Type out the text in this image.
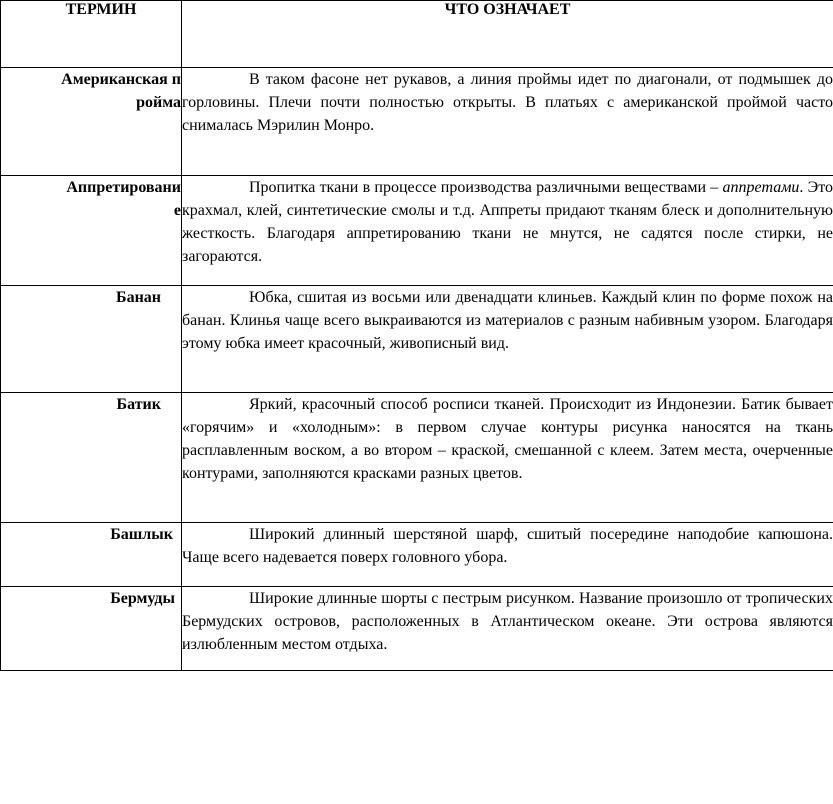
ТЕРМИН	ЧТО ОЗНАЧАЕТ
Американская пройма	В таком фасоне нет рукавов, а линия проймы идет по диагонали, от подмышек до горловины. Плечи почти полностью открыты. В платьях с американской проймой часто снималась Мэрилин Монро.

Аппретирование	Пропитка ткани в процессе производства различными веществами – аппретами. Это крахмал, клей, синтетические смолы и т.д. Аппреты придают тканям блеск и дополнительную жесткость. Благодаря аппретированию ткани не мнутся, не садятся после стирки, не загораются.

Банан	Юбка, сшитая из восьми или двенадцати клиньев. Каждый клин по форме похож на банан. Клинья чаще всего выкраиваются из материалов с разным набивным узором. Благодаря этому юбка имеет красочный, живописный вид.

Батик	Яркий, красочный способ росписи тканей. Происходит из Индонезии. Батик бывает «горячим» и «холодным»: в первом случае контуры рисунка наносятся на ткань расплавленным воском, а во втором – краской, смешанной с клеем. Затем места, очерченные контурами, заполняются красками разных цветов.

Башлык	Широкий длинный шерстяной шарф, сшитый посередине наподобие капюшона. Чаще всего надевается поверх головного убора.

Бермуды	Широкие длинные шорты с пестрым рисунком. Название произошло от тропических Бермудских островов, расположенных в Атлантическом океане. Эти острова являются излюбленным местом отдыха.
